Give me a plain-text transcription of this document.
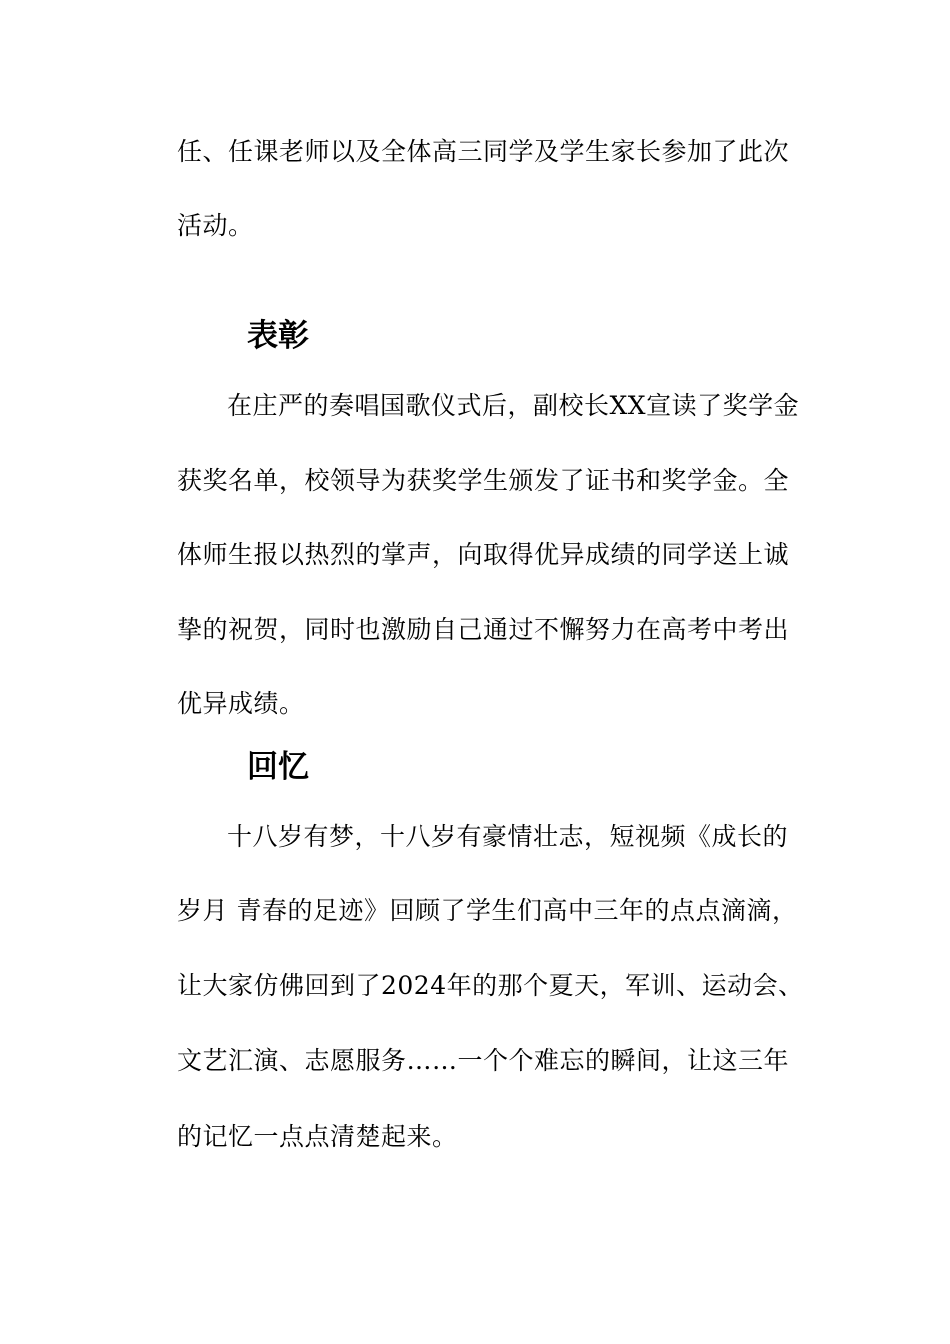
任、任课老师以及全体高三同学及学生家长参加了此次
活动。
表彰
在庄严的奏唱国歌仪式后，副校长XX宣读了奖学金
获奖名单，校领导为获奖学生颁发了证书和奖学金。全
体师生报以热烈的掌声，向取得优异成绩的同学送上诚
挚的祝贺，同时也激励自己通过不懈努力在高考中考出
优异成绩。
回忆
十八岁有梦，十八岁有豪情壮志，短视频《成长的
岁月 青春的足迹》回顾了学生们高中三年的点点滴滴，
让大家仿佛回到了2024年的那个夏天，军训、运动会、
文艺汇演、志愿服务……一个个难忘的瞬间，让这三年
的记忆一点点清楚起来。
